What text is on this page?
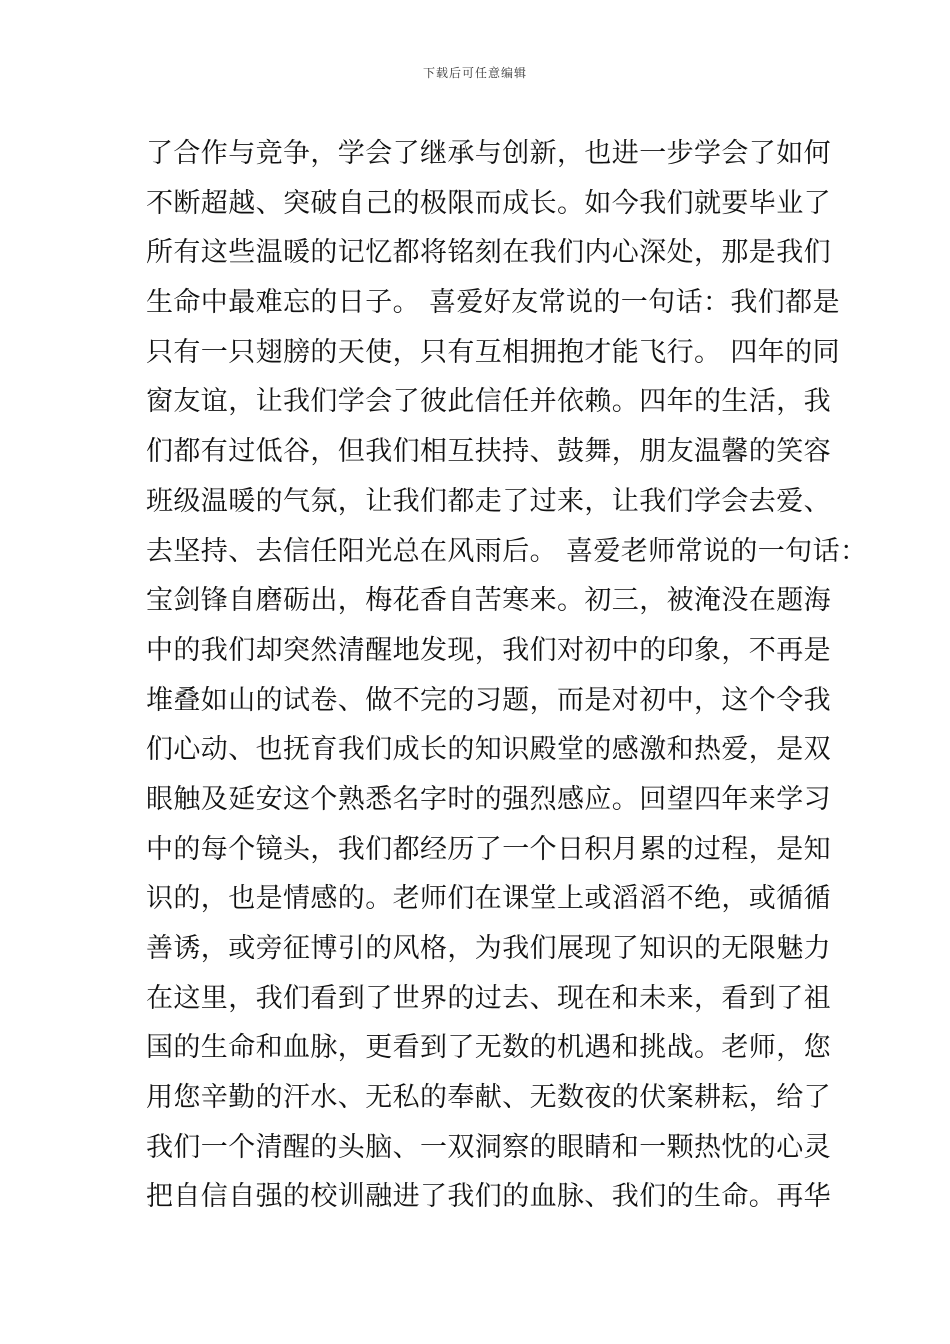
下载后可任意编辑
了合作与竞争，学会了继承与创新，也进一步学会了如何
不断超越、突破自己的极限而成长。如今我们就要毕业了
所有这些温暖的记忆都将铭刻在我们内心深处，那是我们
生命中最难忘的日子。 喜爱好友常说的一句话：我们都是
只有一只翅膀的天使，只有互相拥抱才能飞行。 四年的同
窗友谊，让我们学会了彼此信任并依赖。四年的生活，我
们都有过低谷，但我们相互扶持、鼓舞，朋友温馨的笑容
班级温暖的气氛，让我们都走了过来，让我们学会去爱、
去坚持、去信任阳光总在风雨后。 喜爱老师常说的一句话：
宝剑锋自磨砺出，梅花香自苦寒来。初三，被淹没在题海
中的我们却突然清醒地发现，我们对初中的印象，不再是
堆叠如山的试卷、做不完的习题，而是对初中，这个令我
们心动、也抚育我们成长的知识殿堂的感激和热爱，是双
眼触及延安这个熟悉名字时的强烈感应。回望四年来学习
中的每个镜头，我们都经历了一个日积月累的过程，是知
识的，也是情感的。老师们在课堂上或滔滔不绝，或循循
善诱，或旁征博引的风格，为我们展现了知识的无限魅力
在这里，我们看到了世界的过去、现在和未来，看到了祖
国的生命和血脉，更看到了无数的机遇和挑战。老师，您
用您辛勤的汗水、无私的奉献、无数夜的伏案耕耘，给了
我们一个清醒的头脑、一双洞察的眼睛和一颗热忱的心灵
把自信自强的校训融进了我们的血脉、我们的生命。再华
